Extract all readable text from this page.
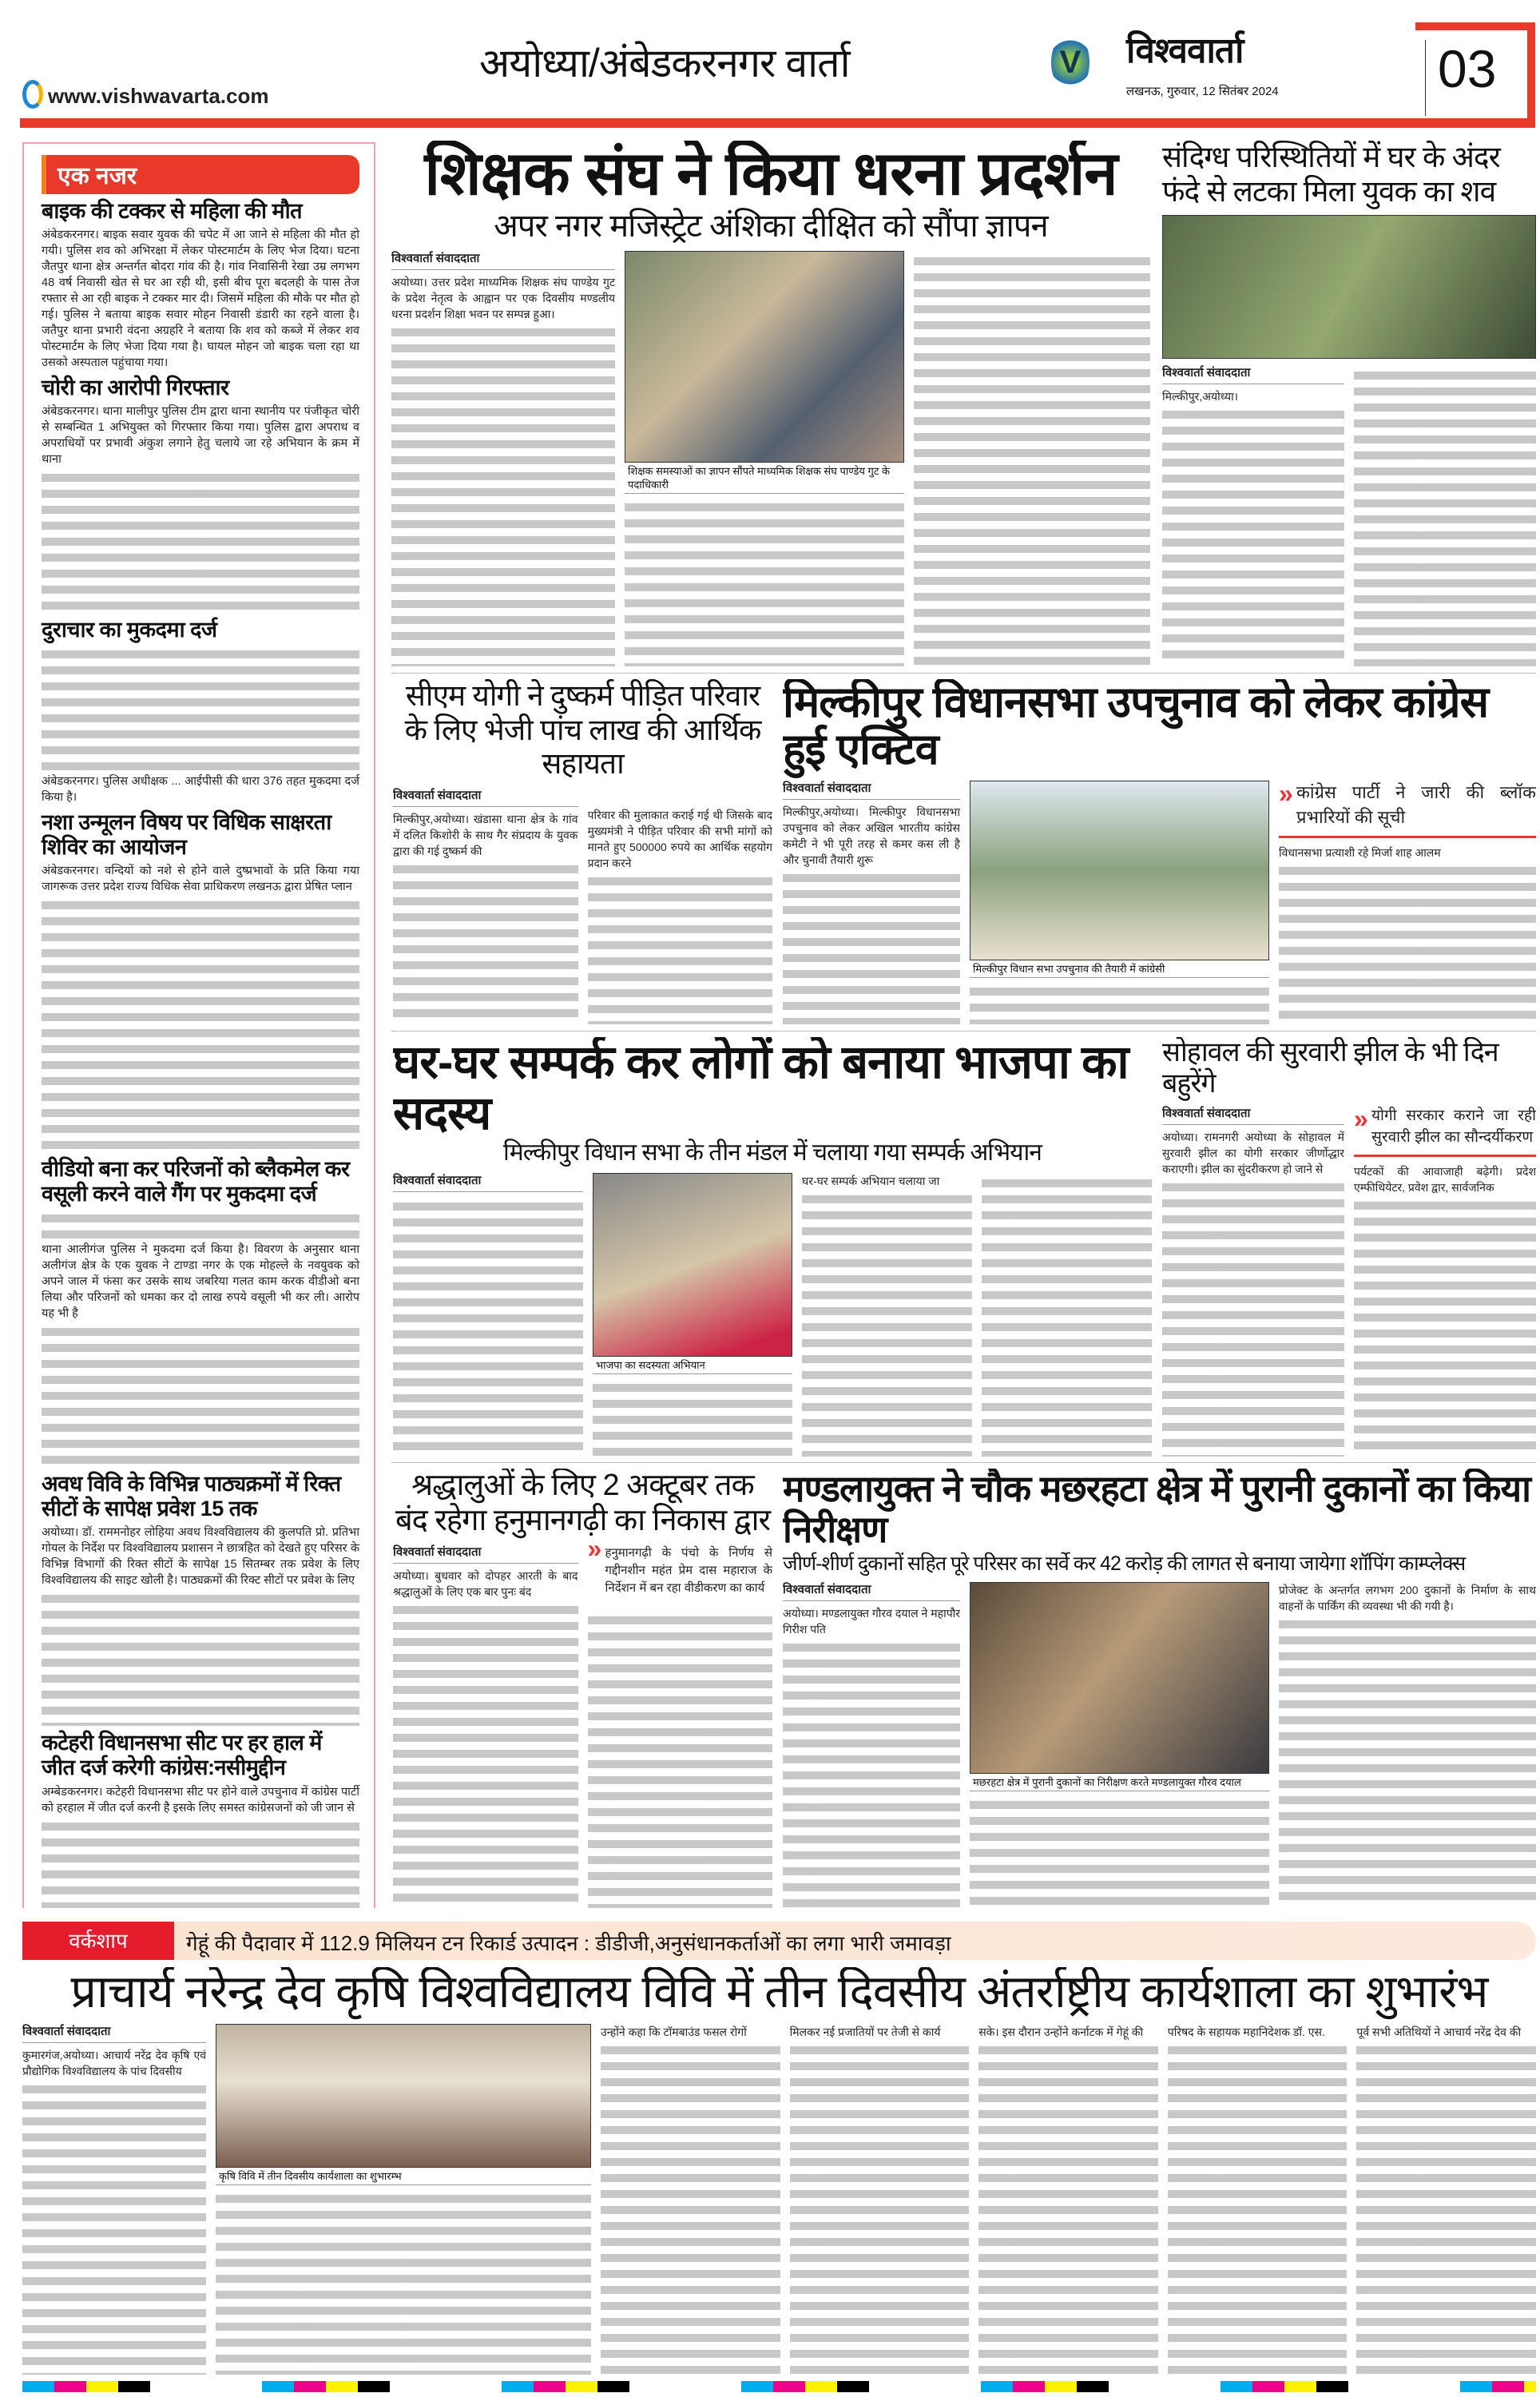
www.vishwavarta.com
अयोध्या/अंबेडकरनगर वार्ता	V विश्ववार्ता
लखनऊ, गुरुवार, 12 सितंबर 2024	03
एक नजर
बाइक की टक्कर से महिला की मौत
अंबेडकरनगर। बाइक सवार युवक की चपेट में आ जाने से महिला की मौत हो गयी। पुलिस शव को अभिरक्षा में लेकर पोस्टमार्टम के लिए भेज दिया। घटना जैतपुर थाना क्षेत्र अन्तर्गत बोदरा गांव की है। गांव निवासिनी रेखा उम्र लगभग 48 वर्ष निवासी खेत से घर आ रही थी, इसी बीच पूरा बदलही के पास तेज रफ्तार से आ रही बाइक ने टक्कर मार दी। जिसमें महिला की मौके पर मौत हो गई। पुलिस ने बताया बाइक सवार मोहन निवासी डंडारी का रहने वाला है। जतैपुर थाना प्रभारी वंदना अग्रहरि ने बताया कि शव को कब्जे में लेकर शव पोस्टमार्टम के लिए भेजा दिया गया है। घायल मोहन जो बाइक चला रहा था उसको अस्पताल पहुंचाया गया।
चोरी का आरोपी गिरफ्तार
अंबेडकरनगर। थाना मालीपुर पुलिस टीम द्वारा थाना स्थानीय पर पंजीकृत चोरी से सम्बन्धित 1 अभियुक्त को गिरफ्तार किया गया। पुलिस द्वारा अपराध व अपराधियों पर प्रभावी अंकुश लगाने हेतु चलाये जा रहे अभियान के क्रम में थाना
दुराचार का मुकदमा दर्ज
अंबेडकरनगर। पुलिस अधीक्षक ... आईपीसी की धारा 376 तहत मुकदमा दर्ज किया है।
नशा उन्मूलन विषय पर विधिक साक्षरता शिविर का आयोजन
अंबेडकरनगर। वन्दियों को नशे से होने वाले दुष्प्रभावों के प्रति किया गया जागरूक उत्तर प्रदेश राज्य विधिक सेवा प्राधिकरण लखनऊ द्वारा प्रेषित प्लान
वीडियो बना कर परिजनों को ब्लैकमेल कर वसूली करने वाले गैंग पर मुकदमा दर्ज
थाना आलीगंज पुलिस ने मुकदमा दर्ज किया है। विवरण के अनुसार थाना अलीगंज क्षेत्र के एक युवक ने टाण्डा नगर के एक मोहल्ले के नवयुवक को अपने जाल में फंसा कर उसके साथ जबरिया गलत काम करक वीडीओ बना लिया और परिजनों को धमका कर दो लाख रुपये वसूली भी कर ली। आरोप यह भी है
अवध विवि के विभिन्न पाठ्यक्रमों में रिक्त सीटों के सापेक्ष प्रवेश 15 तक
अयोध्या। डॉ. राममनोहर लोहिया अवध विश्वविद्यालय की कुलपति प्रो. प्रतिभा गोयल के निर्देश पर विश्वविद्यालय प्रशासन ने छात्रहित को देखते हुए परिसर के विभिन्न विभागों की रिक्त सीटों के सापेक्ष 15 सितम्बर तक प्रवेश के लिए विश्वविद्यालय की साइट खोली है। पाठ्यक्रमों की रिक्ट सीटों पर प्रवेश के लिए
कटेहरी विधानसभा सीट पर हर हाल में जीत दर्ज करेगी कांग्रेस:नसीमुद्दीन
अम्बेडकरनगर। कटेहरी विधानसभा सीट पर होने वाले उपचुनाव में कांग्रेस पार्टी को हरहाल में जीत दर्ज करनी है इसके लिए समस्त कांग्रेसजनों को जी जान से
शिक्षक संघ ने किया धरना प्रदर्शन
अपर नगर मजिस्ट्रेट अंशिका दीक्षित को सौंपा ज्ञापन
विश्ववार्ता संवाददाता
अयोध्या। उत्तर प्रदेश माध्यमिक शिक्षक संघ पाण्डेय गुट के प्रदेश नेतृत्व के आह्वान पर एक दिवसीय मण्डलीय धरना प्रदर्शन शिक्षा भवन पर सम्पन्न हुआ।
शिक्षक समस्याओं का ज्ञापन सौंपते माध्यमिक शिक्षक संघ पाण्डेय गुट के पदाधिकारी
संदिग्ध परिस्थितियों में घर के अंदर फंदे से लटका मिला युवक का शव
विश्ववार्ता संवाददाता
मिल्कीपुर,अयोध्या।
सीएम योगी ने दुष्कर्म पीड़ित परिवार के लिए भेजी पांच लाख की आर्थिक सहायता
विश्ववार्ता संवाददाता
मिल्कीपुर,अयोध्या। खंडासा थाना क्षेत्र के गांव में दलित किशोरी के साथ गैर संप्रदाय के युवक द्वारा की गई दुष्कर्म की
परिवार की मुलाकात कराई गई थी जिसके बाद मुख्यमंत्री ने पीड़ित परिवार की सभी मांगों को मानते हुए 500000 रुपये का आर्थिक सहयोग प्रदान करने
मिल्कीपुर विधानसभा उपचुनाव को लेकर कांग्रेस हुई एक्टिव
विश्ववार्ता संवाददाता
मिल्कीपुर,अयोध्या। मिल्कीपुर विधानसभा उपचुनाव को लेकर अखिल भारतीय कांग्रेस कमेटी ने भी पूरी तरह से कमर कस ली है और चुनावी तैयारी शुरू
मिल्कीपुर विधान सभा उपचुनाव की तैयारी में कांग्रेसी
» कांग्रेस पार्टी ने जारी की ब्लॉक प्रभारियों की सूची
विधानसभा प्रत्याशी रहे मिर्जा शाह आलम
घर-घर सम्पर्क कर लोगों को बनाया भाजपा का सदस्य
मिल्कीपुर विधान सभा के तीन मंडल में चलाया गया सम्पर्क अभियान
विश्ववार्ता संवाददाता
भाजपा का सदस्यता अभियान
घर-घर सम्पर्क अभियान चलाया जा
सोहावल की सुरवारी झील के भी दिन बहुरेंगे
विश्ववार्ता संवाददाता
अयोध्या। रामनगरी अयोध्या के सोहावल में सुरवारी झील का योगी सरकार जीर्णोद्धार कराएगी। झील का सुंदरीकरण हो जाने से
» योगी सरकार कराने जा रही सुरवारी झील का सौन्दर्यीकरण
पर्यटकों की आवाजाही बढ़ेगी। प्रदेश एम्फीथियेटर, प्रवेश द्वार, सार्वजनिक
श्रद्धालुओं के लिए 2 अक्टूबर तक बंद रहेगा हनुमानगढ़ी का निकास द्वार
विश्ववार्ता संवाददाता
अयोध्या। बुधवार को दोपहर आरती के बाद श्रद्धालुओं के लिए एक बार पुनः बंद
» हनुमानगढ़ी के पंचो के निर्णय से गद्दीनशीन महंत प्रेम दास महाराज के निर्देशन में बन रहा वीडीकरण का कार्य
मण्डलायुक्त ने चौक मछरहटा क्षेत्र में पुरानी दुकानों का किया निरीक्षण
जीर्ण-शीर्ण दुकानों सहित पूरे परिसर का सर्वे कर 42 करोड़ की लागत से बनाया जायेगा शॉपिंग काम्प्लेक्स
विश्ववार्ता संवाददाता
अयोध्या। मण्डलायुक्त गौरव दयाल ने महापौर गिरीश पति
मछरहटा क्षेत्र में पुरानी दुकानों का निरीक्षण करते मण्डलायुक्त गौरव दयाल
प्रोजेक्ट के अन्तर्गत लगभग 200 दुकानों के निर्माण के साथ वाहनों के पार्किंग की व्यवस्था भी की गयी है।
वर्कशाप	गेहूं की पैदावार में 112.9 मिलियन टन रिकार्ड उत्पादन : डीडीजी,अनुसंधानकर्ताओं का लगा भारी जमावड़ा
प्राचार्य नरेन्द्र देव कृषि विश्वविद्यालय विवि में तीन दिवसीय अंतर्राष्ट्रीय कार्यशाला का शुभारंभ
विश्ववार्ता संवाददाता
कुमारगंज,अयोध्या। आचार्य नरेंद्र देव कृषि एवं प्रौद्योगिक विश्वविद्यालय के पांच दिवसीय
कृषि विवि में तीन दिवसीय कार्यशाला का शुभारम्भ
उन्होंने कहा कि टॉमबाउंड फसल रोगों	मिलकर नई प्रजातियों पर तेजी से कार्य	सके। इस दौरान उन्होंने कर्नाटक में गेहूं की	परिषद के सहायक महानिदेशक डॉ. एस.	पूर्व सभी अतिथियों ने आचार्य नरेंद्र देव की
